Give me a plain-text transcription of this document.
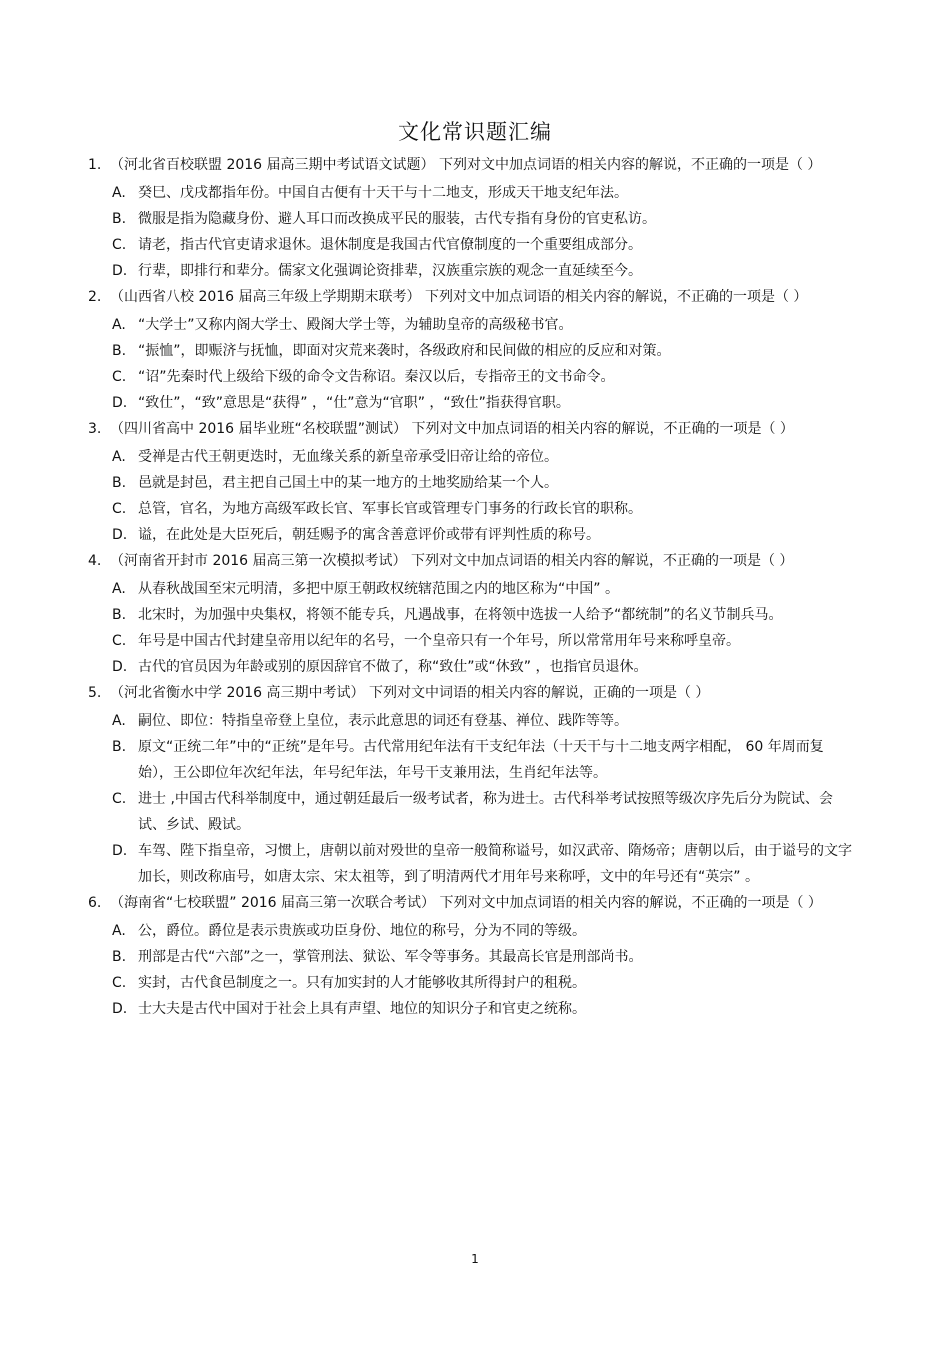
文化常识题汇编
1. （河北省百校联盟 2016 届高三期中考试语文试题） 下列对文中加点词语的相关内容的解说，不正确的一项是（ ）
A. 癸巳、戊戌都指年份。中国自古便有十天干与十二地支，形成天干地支纪年法。
B. 微服是指为隐藏身份、避人耳口而改换成平民的服装，古代专指有身份的官吏私访。
C. 请老，指古代官吏请求退休。退休制度是我国古代官僚制度的一个重要组成部分。
D. 行辈，即排行和辈分。儒家文化强调论资排辈，汉族重宗族的观念一直延续至今。
2. （山西省八校 2016 届高三年级上学期期末联考） 下列对文中加点词语的相关内容的解说，不正确的一项是（ ）
A. “大学士”又称内阁大学士、殿阁大学士等，为辅助皇帝的高级秘书官。
B. “振恤”，即赈济与抚恤，即面对灾荒来袭时，各级政府和民间做的相应的反应和对策。
C. “诏”先秦时代上级给下级的命令文告称诏。秦汉以后，专指帝王的文书命令。
D. “致仕”，“致”意思是“获得” ，“仕”意为“官职” ，“致仕”指获得官职。
3. （四川省高中 2016 届毕业班“名校联盟”测试） 下列对文中加点词语的相关内容的解说，不正确的一项是（ ）
A. 受禅是古代王朝更迭时，无血缘关系的新皇帝承受旧帝让给的帝位。
B. 邑就是封邑，君主把自己国土中的某一地方的土地奖励给某一个人。
C. 总管，官名，为地方高级军政长官、军事长官或管理专门事务的行政长官的职称。
D. 谥，在此处是大臣死后，朝廷赐予的寓含善意评价或带有评判性质的称号。
4. （河南省开封市 2016 届高三第一次模拟考试） 下列对文中加点词语的相关内容的解说，不正确的一项是（ ）
A. 从春秋战国至宋元明清，多把中原王朝政权统辖范围之内的地区称为“中国” 。
B. 北宋时，为加强中央集权，将领不能专兵，凡遇战事，在将领中选拔一人给予“都统制”的名义节制兵马。
C. 年号是中国古代封建皇帝用以纪年的名号，一个皇帝只有一个年号，所以常常用年号来称呼皇帝。
D. 古代的官员因为年龄或别的原因辞官不做了，称“致仕”或“休致” ，也指官员退休。
5. （河北省衡水中学 2016 高三期中考试） 下列对文中词语的相关内容的解说，正确的一项是（ ）
A. 嗣位、即位：特指皇帝登上皇位，表示此意思的词还有登基、禅位、践阼等等。
B. 原文“正统二年”中的“正统”是年号。古代常用纪年法有干支纪年法（十天干与十二地支两字相配， 60 年周而复始），王公即位年次纪年法，年号纪年法，年号干支兼用法，生肖纪年法等。
C. 进士 ,中国古代科举制度中，通过朝廷最后一级考试者，称为进士。古代科举考试按照等级次序先后分为院试、会试、乡试、殿试。
D. 车驾、陛下指皇帝，习惯上，唐朝以前对殁世的皇帝一般简称谥号，如汉武帝、隋炀帝；唐朝以后，由于谥号的文字加长，则改称庙号，如唐太宗、宋太祖等，到了明清两代才用年号来称呼，文中的年号还有“英宗” 。
6. （海南省“七校联盟” 2016 届高三第一次联合考试） 下列对文中加点词语的相关内容的解说，不正确的一项是（ ）
A. 公，爵位。爵位是表示贵族或功臣身份、地位的称号，分为不同的等级。
B. 刑部是古代“六部”之一，掌管刑法、狱讼、军令等事务。其最高长官是刑部尚书。
C. 实封，古代食邑制度之一。只有加实封的人才能够收其所得封户的租税。
D. 士大夫是古代中国对于社会上具有声望、地位的知识分子和官吏之统称。
1
